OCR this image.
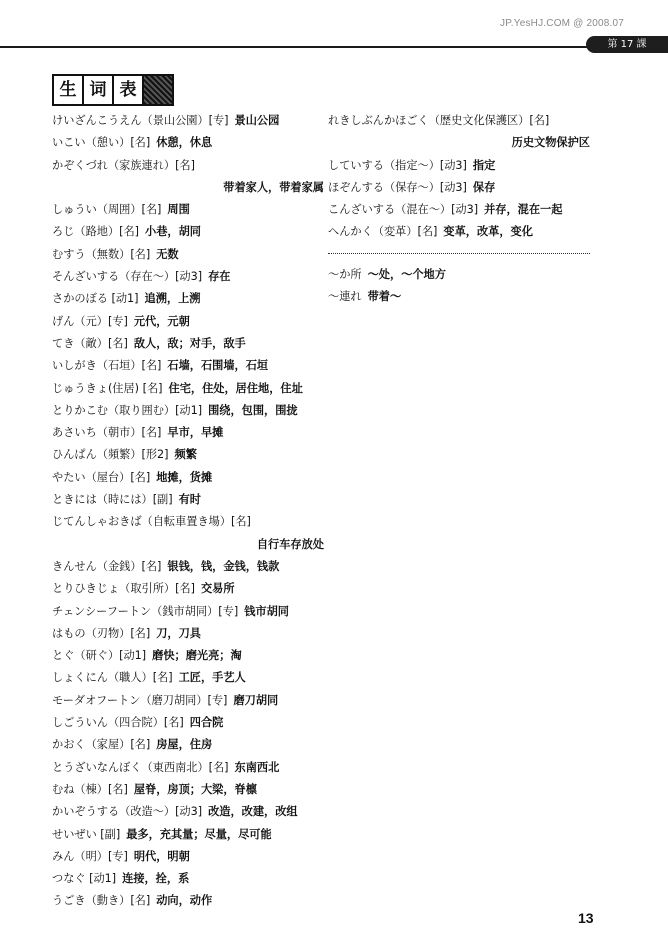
JP.YesHJ.COM @ 2008.07
第 17 課
生 词 表
けいざんこうえん（景山公園）[专] 景山公园
いこい（憩い）[名] 休憩，休息
かぞくづれ（家族連れ）[名]
带着家人，带着家属
しゅうい（周囲）[名] 周围
ろじ（路地）[名] 小巷，胡同
むすう（無数）[名] 无数
そんざいする（存在〜）[动3] 存在
さかのぼる [动1] 追溯，上溯
げん（元）[专] 元代，元朝
てき（敵）[名] 敌人，敌；对手，敌手
いしがき（石垣）[名] 石墙，石围墙，石垣
じゅうきょ(住居) [名] 住宅，住处，居住地，住址
とりかこむ（取り囲む）[动1] 围绕，包围，围拢
あさいち（朝市）[名] 早市，早摊
ひんぱん（頻繁）[形2] 频繁
やたい（屋台）[名] 地摊，货摊
ときには（時には）[副] 有时
じてんしゃおきば（自転車置き場）[名]
自行车存放处
きんせん（金銭）[名] 银钱，钱，金钱，钱款
とりひきじょ（取引所）[名] 交易所
チェンシーフートン（銭市胡同）[专] 钱市胡同
はもの（刃物）[名] 刀，刀具
とぐ（研ぐ）[动1] 磨快；磨光亮；淘
しょくにん（職人）[名] 工匠，手艺人
モーダオフートン（磨刀胡同）[专] 磨刀胡同
しごういん（四合院）[名] 四合院
かおく（家屋）[名] 房屋，住房
とうざいなんぼく（東西南北）[名] 东南西北
むね（棟）[名] 屋脊，房顶；大梁，脊檩
かいぞうする（改造〜）[动3] 改造，改建，改组
せいぜい [副] 最多，充其量；尽量，尽可能
みん（明）[专] 明代，明朝
つなぐ [动1] 连接，拴，系
うごき（動き）[名] 动向，动作
れきしぶんかほごく（歴史文化保護区）[名]
历史文物保护区
していする（指定〜）[动3] 指定
ほぞんする（保存〜）[动3] 保存
こんざいする（混在〜）[动3] 并存，混在一起
へんかく（変革）[名] 变革，改革，变化
〜か所 〜处，〜个地方
〜連れ 带着〜
13
